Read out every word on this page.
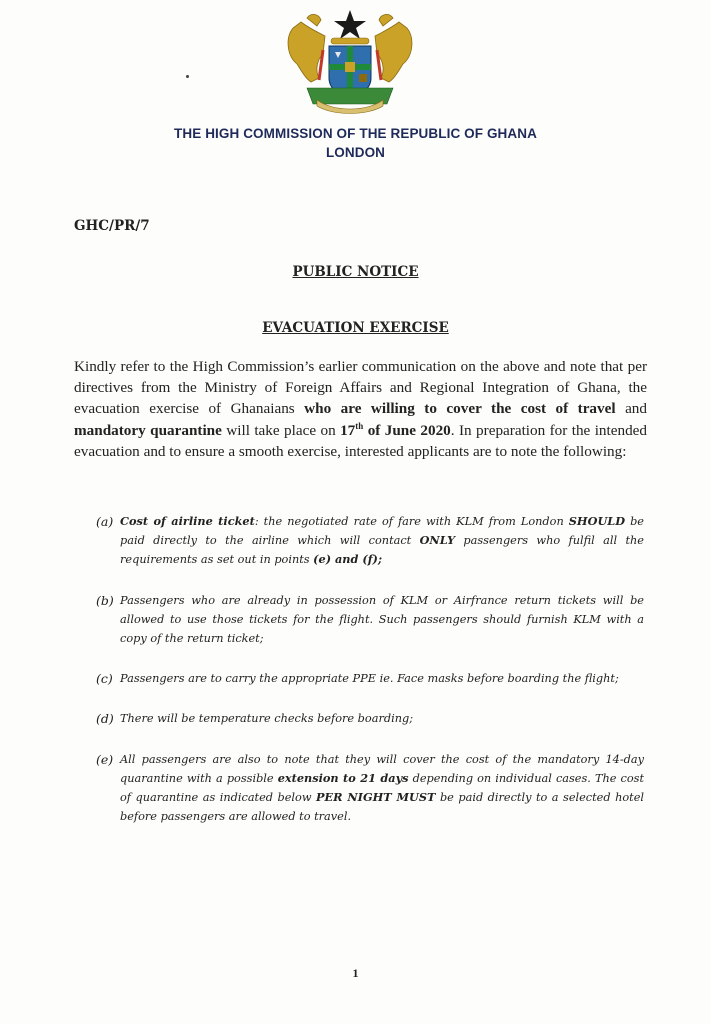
THE HIGH COMMISSION OF THE REPUBLIC OF GHANA
LONDON
GHC/PR/7
PUBLIC NOTICE
EVACUATION EXERCISE
Kindly refer to the High Commission’s earlier communication on the above and note that per directives from the Ministry of Foreign Affairs and Regional Integration of Ghana, the evacuation exercise of Ghanaians who are willing to cover the cost of travel and mandatory quarantine will take place on 17th of June 2020. In preparation for the intended evacuation and to ensure a smooth exercise, interested applicants are to note the following:
(a) Cost of airline ticket: the negotiated rate of fare with KLM from London SHOULD be paid directly to the airline which will contact ONLY passengers who fulfil all the requirements as set out in points (e) and (f);
(b) Passengers who are already in possession of KLM or Airfrance return tickets will be allowed to use those tickets for the flight. Such passengers should furnish KLM with a copy of the return ticket;
(c) Passengers are to carry the appropriate PPE ie. Face masks before boarding the flight;
(d) There will be temperature checks before boarding;
(e) All passengers are also to note that they will cover the cost of the mandatory 14-day quarantine with a possible extension to 21 days depending on individual cases. The cost of quarantine as indicated below PER NIGHT MUST be paid directly to a selected hotel before passengers are allowed to travel.
1
